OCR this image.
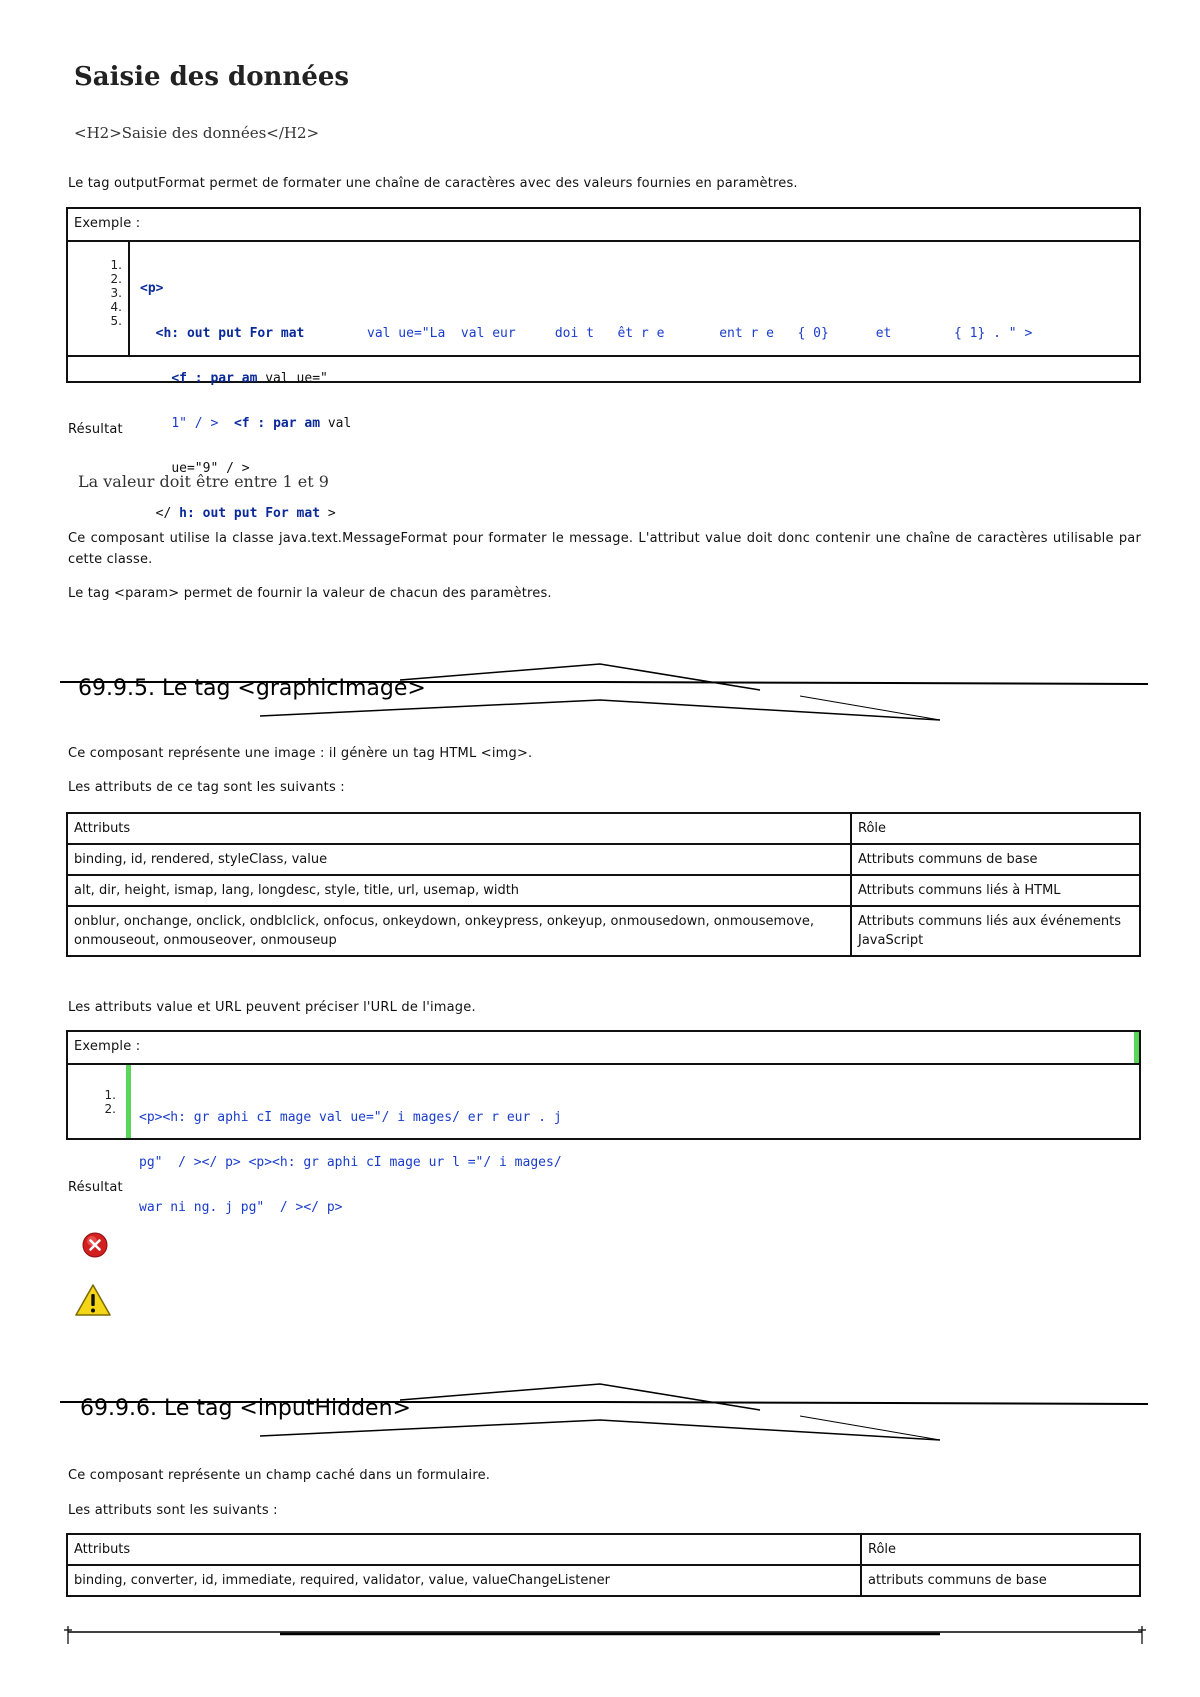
Saisie des données
<H2>Saisie des données</H2>
Le tag outputFormat permet de formater une chaîne de caractères avec des valeurs fournies en paramètres.
Exemple :
1.
2.
3.
4.
5.

<p>

<h: out put For mat	val ue="La  val eur     doi t   êt r e       ent r e   { 0}      et        { 1} . " >

<f : par am val ue="

1" / >  <f : par am val

ue="9" / >

</ h: out put For mat >

Résultat
La valeur doit être entre 1 et 9
Ce composant utilise la classe java.text.MessageFormat pour formater le message. L'attribut value doit donc contenir une chaîne de caractères utilisable par cette classe.
Le tag <param> permet de fournir la valeur de chacun des paramètres.
69.9.5. Le tag <graphicImage>
Ce composant représente une image : il génère un tag HTML <img>.
Les attributs de ce tag sont les suivants :
Attributs	Rôle
binding, id, rendered, styleClass, value	Attributs communs de base
alt, dir, height, ismap, lang, longdesc, style, title, url, usemap, width	Attributs communs liés à HTML
onblur, onchange, onclick, ondblclick, onfocus, onkeydown, onkeypress, onkeyup, onmousedown, onmousemove, onmouseout, onmouseover, onmouseup	Attributs communs liés aux événements JavaScript
Les attributs value et URL peuvent préciser l'URL de l'image.
Exemple :
1.
2.

<p><h: gr aphi cI mage val ue="/ i mages/ er r eur . j

pg"  / ></ p> <p><h: gr aphi cI mage ur l ="/ i mages/

war ni ng. j pg"  / ></ p>

Résultat
69.9.6. Le tag <inputHidden>
Ce composant représente un champ caché dans un formulaire.
Les attributs sont les suivants :
Attributs	Rôle
binding, converter, id, immediate, required, validator, value, valueChangeListener	attributs communs de base
